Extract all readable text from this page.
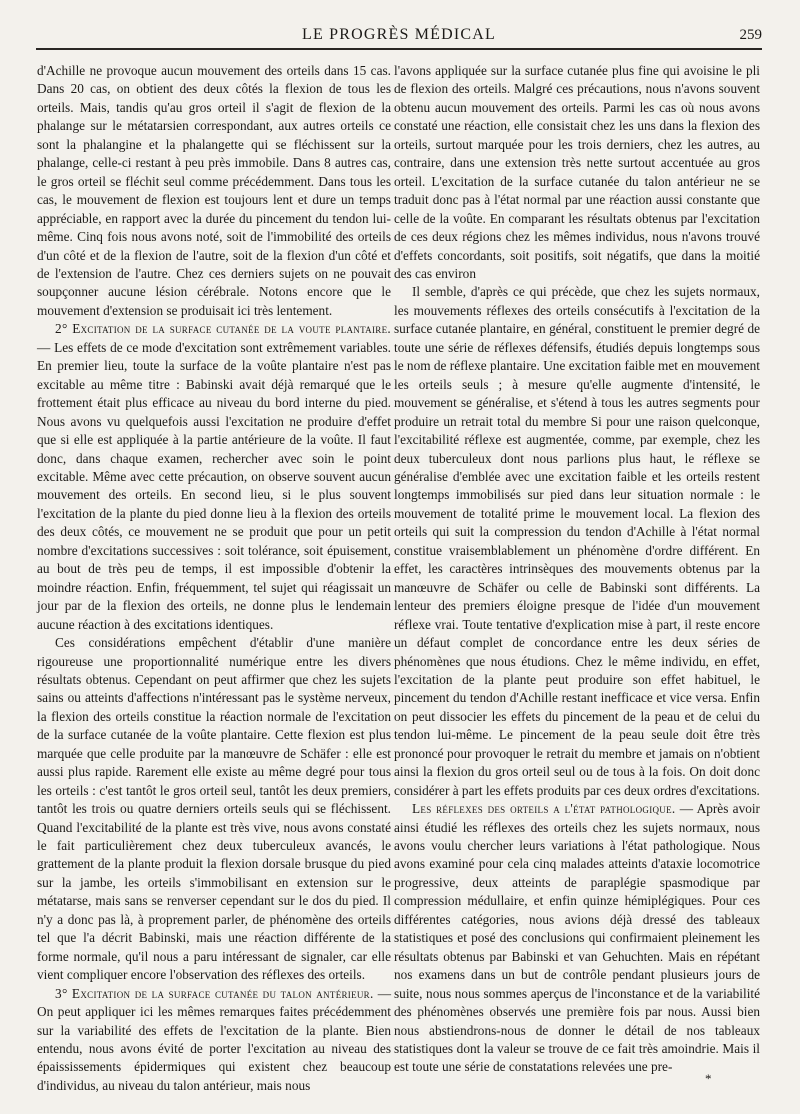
LE PROGRÈS MÉDICAL	259

d'Achille ne provoque aucun mouvement des orteils dans 15 cas. Dans 20 cas, on obtient des deux côtés la flexion de tous les orteils. Mais, tandis qu'au gros orteil il s'agit de flexion de la phalange sur le métatarsien correspondant, aux autres orteils ce sont la phalangine et la phalangette qui se fléchissent sur la phalange, celle-ci restant à peu près immobile. Dans 8 autres cas, le gros orteil se fléchit seul comme précédemment. Dans tous les cas, le mouvement de flexion est toujours lent et dure un temps appréciable, en rapport avec la durée du pincement du tendon lui-même. Cinq fois nous avons noté, soit de l'immobilité des orteils d'un côté et de la flexion de l'autre, soit de la flexion d'un côté et de l'extension de l'autre. Chez ces derniers sujets on ne pouvait soupçonner aucune lésion cérébrale. Notons encore que le mouvement d'extension se produisait ici très lentement.

2° Excitation de la surface cutanée de la voute plantaire. — Les effets de ce mode d'excitation sont extrêmement variables. En premier lieu, toute la surface de la voûte plantaire n'est pas excitable au même titre : Babinski avait déjà remarqué que le frottement était plus efficace au niveau du bord interne du pied. Nous avons vu quelquefois aussi l'excitation ne produire d'effet que si elle est appliquée à la partie antérieure de la voûte. Il faut donc, dans chaque examen, rechercher avec soin le point excitable. Même avec cette précaution, on observe souvent aucun mouvement des orteils. En second lieu, si le plus souvent l'excitation de la plante du pied donne lieu à la flexion des orteils des deux côtés, ce mouvement ne se produit que pour un petit nombre d'excitations successives : soit tolérance, soit épuisement, au bout de très peu de temps, il est impossible d'obtenir la moindre réaction. Enfin, fréquemment, tel sujet qui réagissait un jour par de la flexion des orteils, ne donne plus le lendemain aucune réaction à des excitations identiques.

Ces considérations empêchent d'établir d'une manière rigoureuse une proportionnalité numérique entre les divers résultats obtenus. Cependant on peut affirmer que chez les sujets sains ou atteints d'affections n'intéressant pas le système nerveux, la flexion des orteils constitue la réaction normale de l'excitation de la surface cutanée de la voûte plantaire. Cette flexion est plus marquée que celle produite par la manœuvre de Schäfer : elle est aussi plus rapide. Rarement elle existe au même degré pour tous les orteils : c'est tantôt le gros orteil seul, tantôt les deux premiers, tantôt les trois ou quatre derniers orteils seuls qui se fléchissent. Quand l'excitabilité de la plante est très vive, nous avons constaté le fait particulièrement chez deux tuberculeux avancés, le grattement de la plante produit la flexion dorsale brusque du pied sur la jambe, les orteils s'immobilisant en extension sur le métatarse, mais sans se renverser cependant sur le dos du pied. Il n'y a donc pas là, à proprement parler, de phénomène des orteils tel que l'a décrit Babinski, mais une réaction différente de la forme normale, qu'il nous a paru intéressant de signaler, car elle vient compliquer encore l'observation des réflexes des orteils.

3° Excitation de la surface cutanée du talon antérieur. — On peut appliquer ici les mêmes remarques faites précédemment sur la variabilité des effets de l'excitation de la plante. Bien entendu, nous avons évité de porter l'excitation au niveau des épaississements épidermiques qui existent chez beaucoup d'individus, au niveau du talon antérieur, mais nous

l'avons appliquée sur la surface cutanée plus fine qui avoisine le pli de flexion des orteils. Malgré ces précautions, nous n'avons souvent obtenu aucun mouvement des orteils. Parmi les cas où nous avons constaté une réaction, elle consistait chez les uns dans la flexion des orteils, surtout marquée pour les trois derniers, chez les autres, au contraire, dans une extension très nette surtout accentuée au gros orteil. L'excitation de la surface cutanée du talon antérieur ne se traduit donc pas à l'état normal par une réaction aussi constante que celle de la voûte. En comparant les résultats obtenus par l'excitation de ces deux régions chez les mêmes individus, nous n'avons trouvé d'effets concordants, soit positifs, soit négatifs, que dans la moitié des cas environ

Il semble, d'après ce qui précède, que chez les sujets normaux, les mouvements réflexes des orteils consécutifs à l'excitation de la surface cutanée plantaire, en général, constituent le premier degré de toute une série de réflexes défensifs, étudiés depuis longtemps sous le nom de réflexe plantaire. Une excitation faible met en mouvement les orteils seuls ; à mesure qu'elle augmente d'intensité, le mouvement se généralise, et s'étend à tous les autres segments pour produire un retrait total du membre Si pour une raison quelconque, l'excitabilité réflexe est augmentée, comme, par exemple, chez les deux tuberculeux dont nous parlions plus haut, le réflexe se généralise d'emblée avec une excitation faible et les orteils restent longtemps immobilisés sur pied dans leur situation normale : le mouvement de totalité prime le mouvement local. La flexion des orteils qui suit la compression du tendon d'Achille à l'état normal constitue vraisemblablement un phénomène d'ordre différent. En effet, les caractères intrinsèques des mouvements obtenus par la manœuvre de Schäfer ou celle de Babinski sont différents. La lenteur des premiers éloigne presque de l'idée d'un mouvement réflexe vrai. Toute tentative d'explication mise à part, il reste encore un défaut complet de concordance entre les deux séries de phénomènes que nous étudions. Chez le même individu, en effet, l'excitation de la plante peut produire son effet habituel, le pincement du tendon d'Achille restant inefficace et vice versa. Enfin on peut dissocier les effets du pincement de la peau et de celui du tendon lui-même. Le pincement de la peau seule doit être très prononcé pour provoquer le retrait du membre et jamais on n'obtient ainsi la flexion du gros orteil seul ou de tous à la fois. On doit donc considérer à part les effets produits par ces deux ordres d'excitations.

Les réflexes des orteils a l'état pathologique. — Après avoir ainsi étudié les réflexes des orteils chez les sujets normaux, nous avons voulu chercher leurs variations à l'état pathologique. Nous avons examiné pour cela cinq malades atteints d'ataxie locomotrice progressive, deux atteints de paraplégie spasmodique par compression médullaire, et enfin quinze hémiplégiques. Pour ces différentes catégories, nous avions déjà dressé des tableaux statistiques et posé des conclusions qui confirmaient pleinement les résultats obtenus par Babinski et van Gehuchten. Mais en répétant nos examens dans un but de contrôle pendant plusieurs jours de suite, nous nous sommes aperçus de l'inconstance et de la variabilité des phénomènes observés une première fois par nous. Aussi bien nous abstiendrons-nous de donner le détail de nos tableaux statistiques dont la valeur se trouve de ce fait très amoindrie. Mais il est toute une série de constatations relevées une pre-

*
